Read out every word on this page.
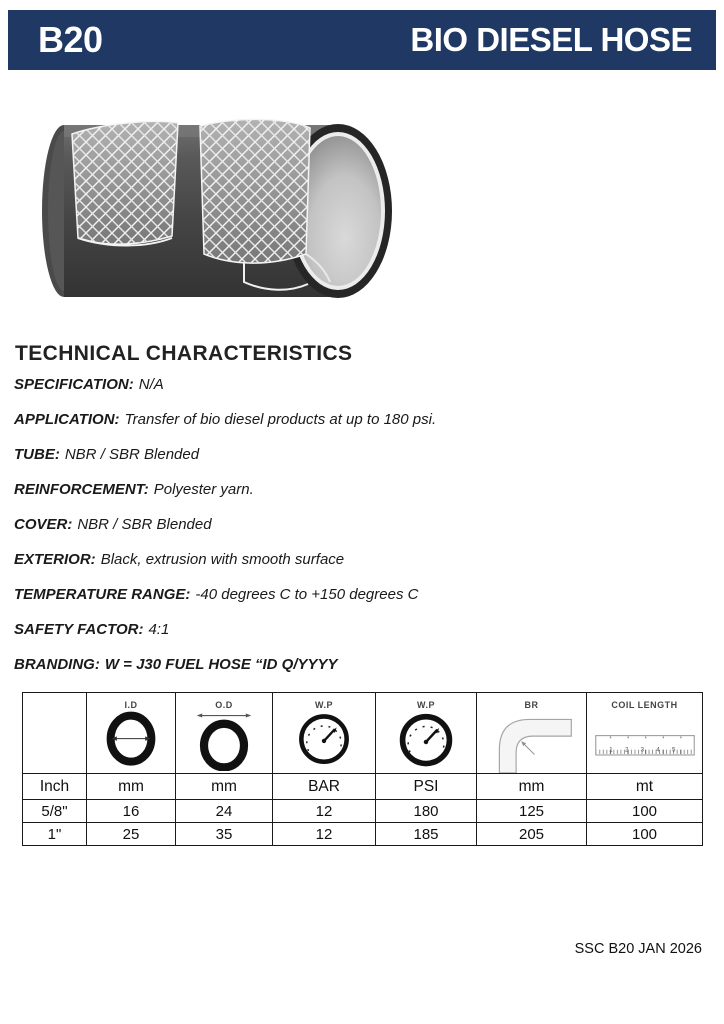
B20	BIO DIESEL HOSE
TECHNICAL CHARACTERISTICS
SPECIFICATION: N/A
APPLICATION: Transfer of bio diesel products at up to 180 psi.
TUBE: NBR / SBR Blended
REINFORCEMENT: Polyester yarn.
COVER: NBR / SBR Blended
EXTERIOR: Black, extrusion with smooth surface
TEMPERATURE RANGE: -40 degrees C to +150 degrees C
SAFETY FACTOR: 4:1
BRANDING: W = J30 FUEL HOSE “ID Q/YYYY

	I.D	O.D	W.P	W.P	BR	COIL LENGTH
1 2 3 4 5

Inch	mm	mm	BAR	PSI	mm	mt
5/8"	16	24	12	180	125	100
1"	25	35	12	185	205	100
SSC B20 JAN 2026
